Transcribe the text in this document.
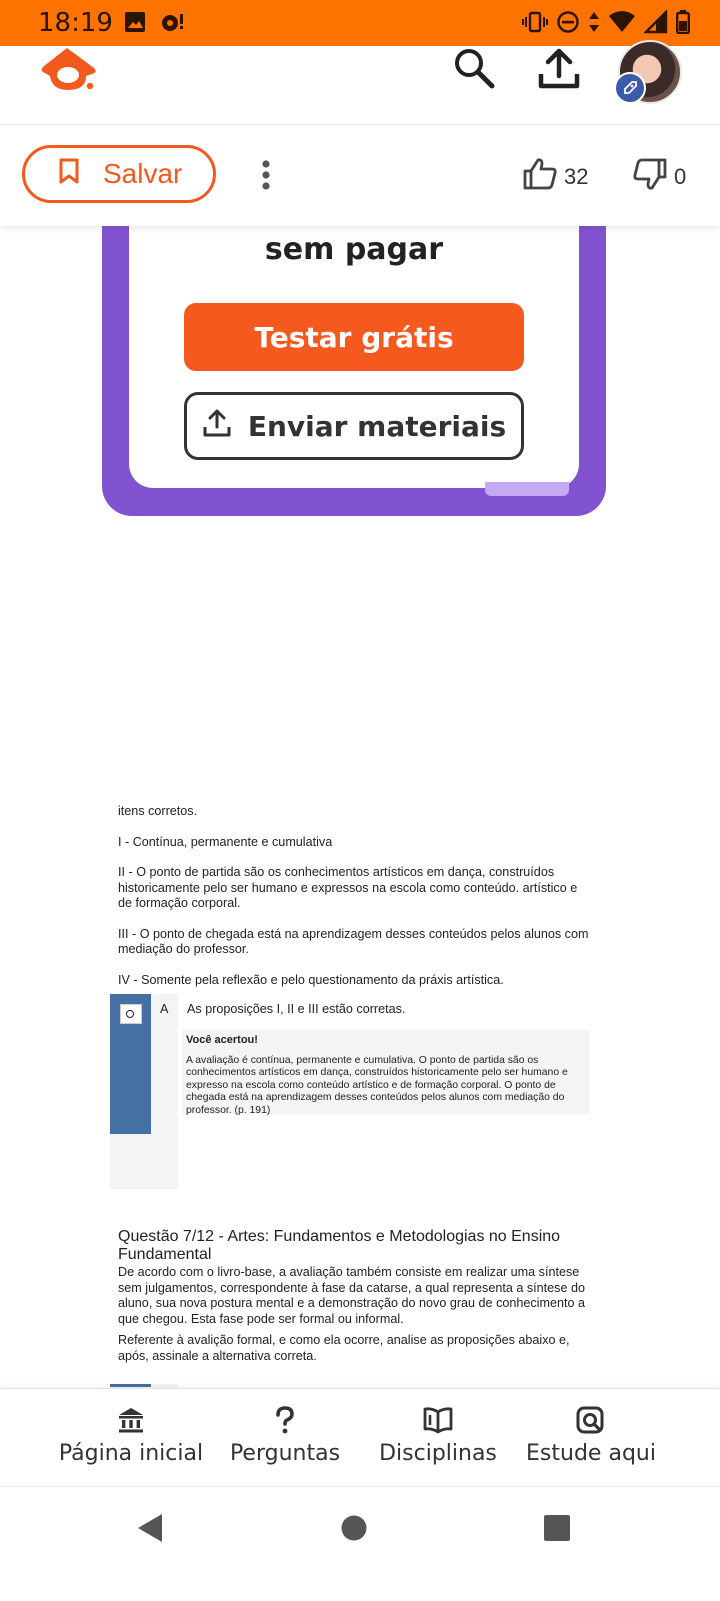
18:19
Salvar	32	0
sem pagar
Testar grátis
Enviar materiais

itens corretos.

I - Contínua, permanente e cumulativa

II - O ponto de partida são os conhecimentos artísticos em dança, construídos historicamente pelo ser humano e expressos na escola como conteúdo. artístico e de formação corporal.

III - O ponto de chegada está na aprendizagem desses conteúdos pelos alunos com mediação do professor.

IV - Somente pela reflexão e pelo questionamento da práxis artística.

A As proposições I, II e III estão corretas.
Você acertou!
A avaliação é contínua, permanente e cumulativa. O ponto de partida são os conhecimentos artísticos em dança, construídos historicamente pelo ser humano e expresso na escola como conteúdo artístico e de formação corporal. O ponto de chegada está na aprendizagem desses conteúdos pelos alunos com mediação do professor. (p. 191)
Questão 7/12 - Artes: Fundamentos e Metodologias no Ensino Fundamental

De acordo com o livro-base, a avaliação também consiste em realizar uma síntese sem julgamentos, correspondente à fase da catarse, a qual representa a síntese do aluno, sua nova postura mental e a demonstração do novo grau de conhecimento a que chegou. Esta fase pode ser formal ou informal.

Referente à avalição formal, e como ela ocorre, analise as proposições abaixo e, após, assinale a alternativa correta.

Página inicial	Perguntas	Disciplinas	Estude aqui
